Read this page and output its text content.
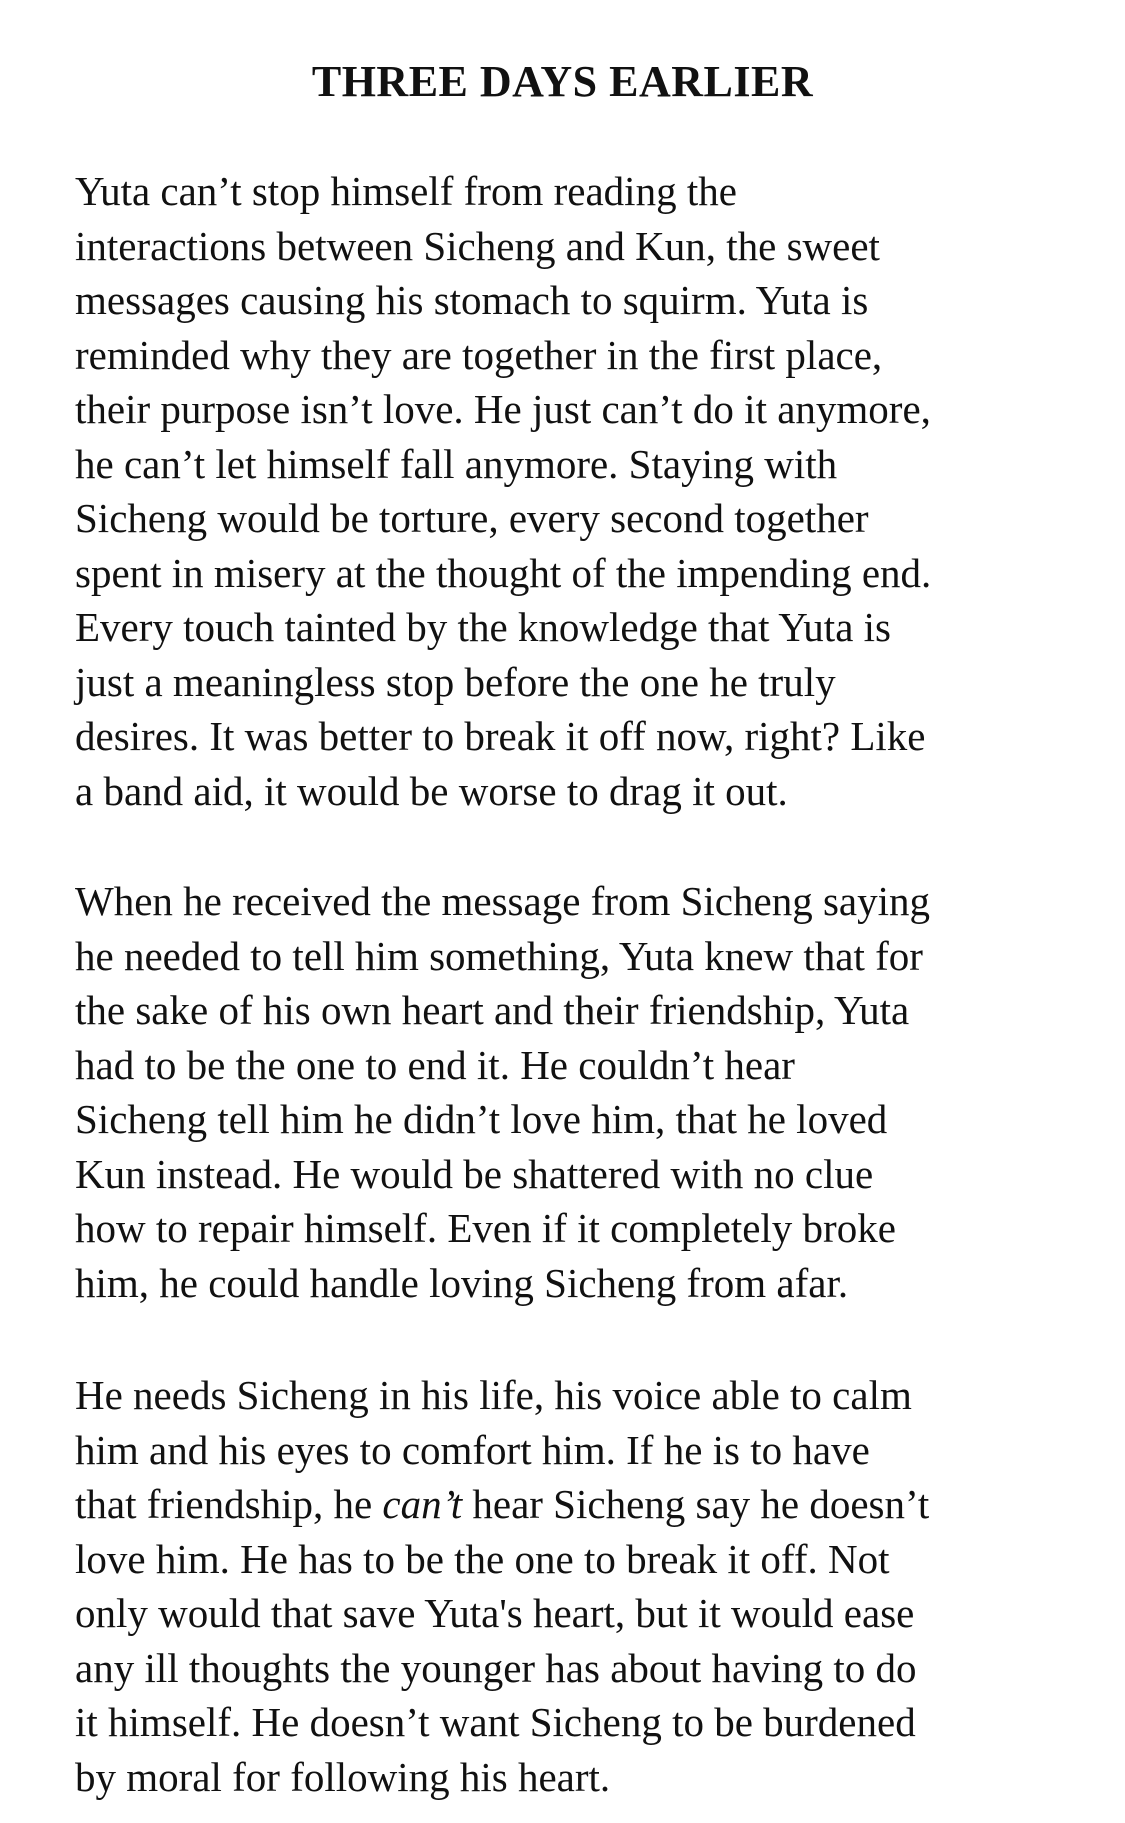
THREE DAYS EARLIER
Yuta can’t stop himself from reading the
interactions between Sicheng and Kun, the sweet
messages causing his stomach to squirm. Yuta is
reminded why they are together in the first place,
their purpose isn’t love. He just can’t do it anymore,
he can’t let himself fall anymore. Staying with
Sicheng would be torture, every second together
spent in misery at the thought of the impending end.
Every touch tainted by the knowledge that Yuta is
just a meaningless stop before the one he truly
desires. It was better to break it off now, right? Like
a band aid, it would be worse to drag it out.
When he received the message from Sicheng saying
he needed to tell him something, Yuta knew that for
the sake of his own heart and their friendship, Yuta
had to be the one to end it. He couldn’t hear
Sicheng tell him he didn’t love him, that he loved
Kun instead. He would be shattered with no clue
how to repair himself. Even if it completely broke
him, he could handle loving Sicheng from afar.
He needs Sicheng in his life, his voice able to calm
him and his eyes to comfort him. If he is to have
that friendship, he can’t hear Sicheng say he doesn’t
love him. He has to be the one to break it off. Not
only would that save Yuta's heart, but it would ease
any ill thoughts the younger has about having to do
it himself. He doesn’t want Sicheng to be burdened
by moral for following his heart.
